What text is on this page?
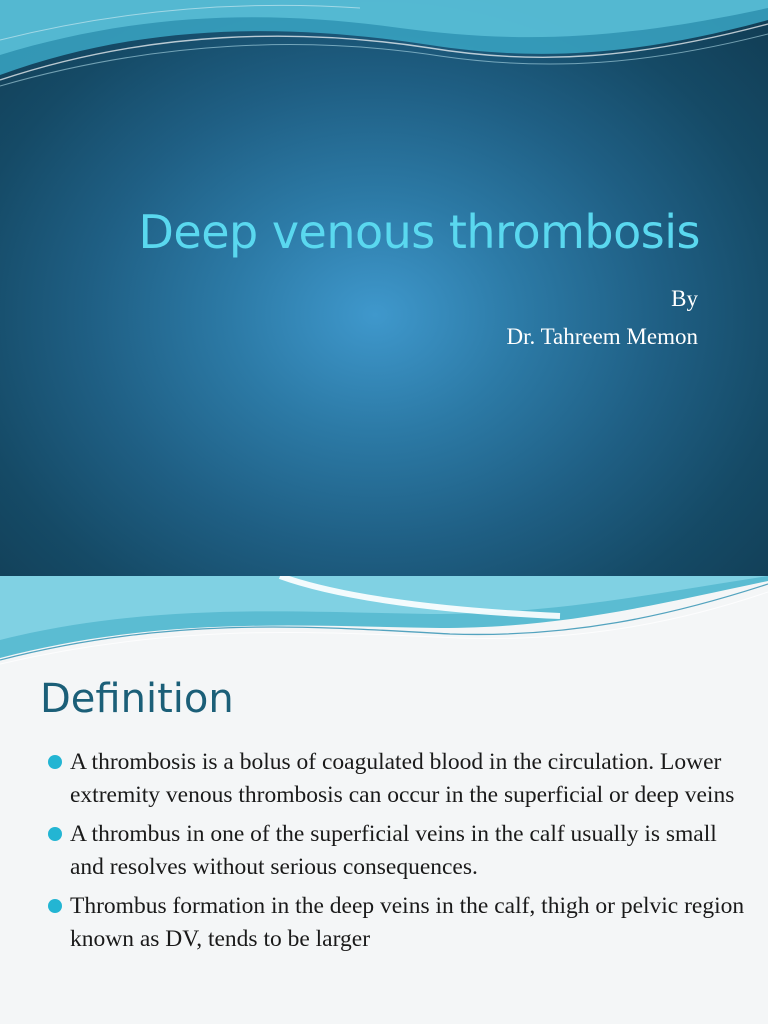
Deep venous thrombosis
By
Dr. Tahreem Memon
Definition
A thrombosis is a bolus of coagulated blood in the circulation. Lower extremity venous thrombosis can occur in the superficial or deep veins
A thrombus in one of the superficial veins in the calf usually is small and resolves without serious consequences.
Thrombus formation in the deep veins in the calf, thigh or pelvic region known as DV, tends to be larger
